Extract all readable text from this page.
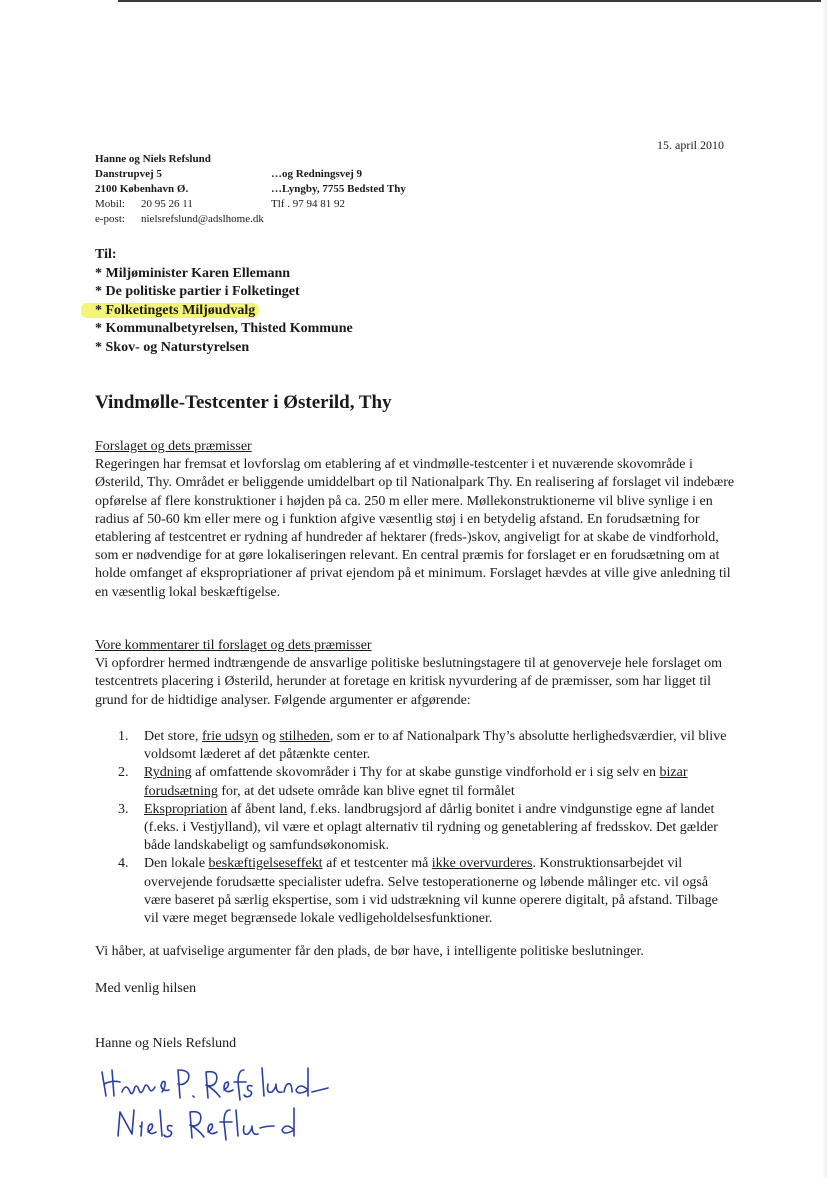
15. april 2010
Hanne og Niels Refslund
Danstrupvej 5	…og Redningsvej 9
2100 København Ø.	…Lyngby, 7755 Bedsted Thy
Mobil: 20 95 26 11	Tlf . 97 94 81 92
e-post: nielsrefslund@adslhome.dk
Til:
* Miljøminister Karen Ellemann
* De politiske partier i Folketinget
* Folketingets Miljøudvalg
* Kommunalbetyrelsen, Thisted Kommune
* Skov- og Naturstyrelsen
Vindmølle-Testcenter i Østerild, Thy
Forslaget og dets præmisser
Regeringen har fremsat et lovforslag om etablering af et vindmølle-testcenter i et nuværende skovområde i Østerild, Thy. Området er beliggende umiddelbart op til Nationalpark Thy. En realisering af forslaget vil indebære opførelse af flere konstruktioner i højden på ca. 250 m eller mere. Møllekonstruktionerne vil blive synlige i en radius af 50-60 km eller mere og i funktion afgive væsentlig støj i en betydelig afstand. En forudsætning for etablering af testcentret er rydning af hundreder af hektarer (freds-)skov, angiveligt for at skabe de vindforhold, som er nødvendige for at gøre lokaliseringen relevant. En central præmis for forslaget er en forudsætning om at holde omfanget af ekspropriationer af privat ejendom på et minimum. Forslaget hævdes at ville give anledning til en væsentlig lokal beskæftigelse.
Vore kommentarer til forslaget og dets præmisser
Vi opfordrer hermed indtrængende de ansvarlige politiske beslutningstagere til at genoverveje hele forslaget om testcentrets placering i Østerild, herunder at foretage en kritisk nyvurdering af de præmisser, som har ligget til grund for de hidtidige analyser. Følgende argumenter er afgørende:
1.	Det store, frie udsyn og stilheden, som er to af Nationalpark Thy’s absolutte herlighedsværdier, vil blive voldsomt læderet af det påtænkte center.
2.	Rydning af omfattende skovområder i Thy for at skabe gunstige vindforhold er i sig selv en bizar forudsætning for, at det udsete område kan blive egnet til formålet
3.	Ekspropriation af åbent land, f.eks. landbrugsjord af dårlig bonitet i andre vindgunstige egne af landet (f.eks. i Vestjylland), vil være et oplagt alternativ til rydning og genetablering af fredsskov. Det gælder både landskabeligt og samfundsøkonomisk.
4.	Den lokale beskæftigelseseffekt af et testcenter må ikke overvurderes. Konstruktionsarbejdet vil overvejende forudsætte specialister udefra. Selve testoperationerne og løbende målinger etc. vil også være baseret på særlig ekspertise, som i vid udstrækning vil kunne operere digitalt, på afstand. Tilbage vil være meget begrænsede lokale vedligeholdelsesfunktioner.
Vi håber, at uafviselige argumenter får den plads, de bør have, i intelligente politiske beslutninger.
Med venlig hilsen
Hanne og Niels Refslund
